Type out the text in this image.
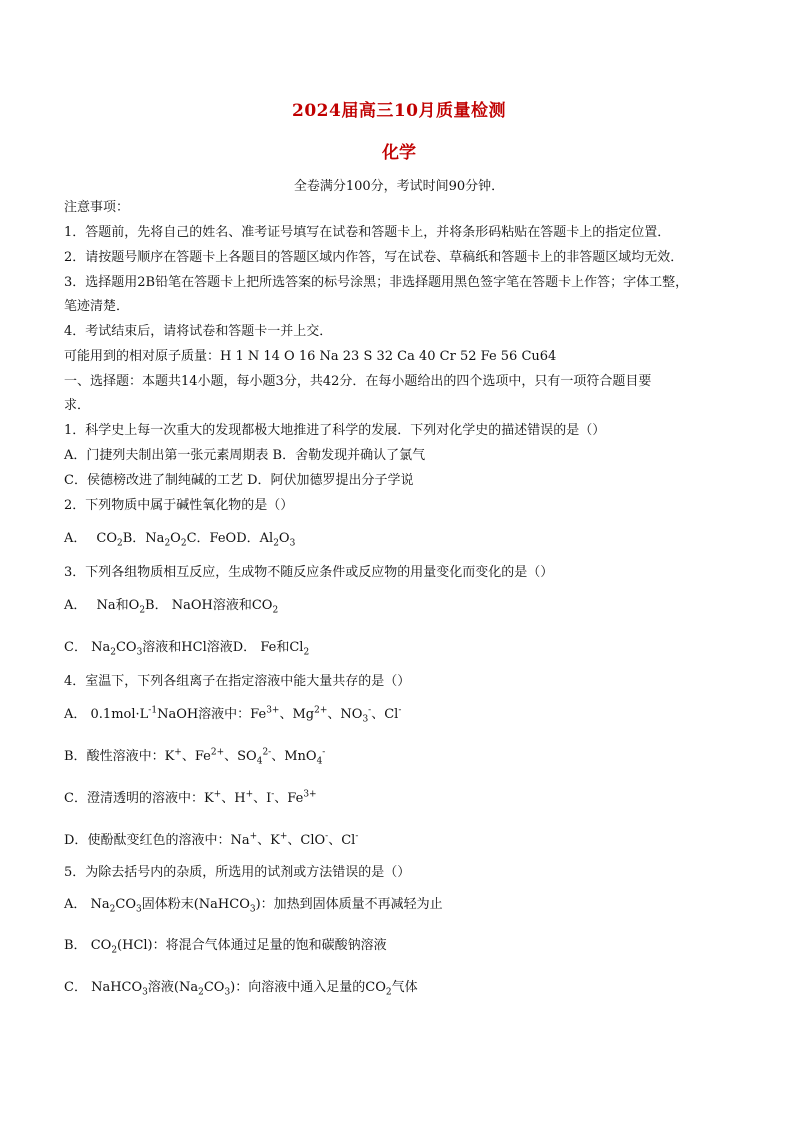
2024届高三10月质量检测
化学
全卷满分100分，考试时间90分钟．
注意事项：
1．答题前，先将自己的姓名、准考证号填写在试卷和答题卡上，并将条形码粘贴在答题卡上的指定位置．
2．请按题号顺序在答题卡上各题目的答题区域内作答，写在试卷、草稿纸和答题卡上的非答题区域均无效．
3．选择题用2B铅笔在答题卡上把所选答案的标号涂黑；非选择题用黑色签字笔在答题卡上作答；字体工整，
笔迹清楚．
4．考试结束后，请将试卷和答题卡一并上交．
可能用到的相对原子质量：H 1 N 14 O 16 Na 23 S 32 Ca 40 Cr 52 Fe 56 Cu64
一、选择题：本题共14小题，每小题3分，共42分．在每小题给出的四个选项中，只有一项符合题目要
求．
1．科学史上每一次重大的发现都极大地推进了科学的发展．下列对化学史的描述错误的是（）
A．门捷列夫制出第一张元素周期表 B．舍勒发现并确认了氯气
C．侯德榜改进了制纯碱的工艺 D．阿伏加德罗提出分子学说
2．下列物质中属于碱性氧化物的是（）
A． $CO_2B$．$Na_2O_2C$．FeOD．$Al_2O_3$
3．下列各组物质相互反应，生成物不随反应条件或反应物的用量变化而变化的是（）
A． Na和$O_2B$． NaOH溶液和$CO_2$
C． $Na_2CO_3$溶液和HCl溶液D． Fe和$Cl_2$
4．室温下，下列各组离子在指定溶液中能大量共存的是（）
A． $0.1mol\cdot L^{-1}NaOH$溶液中：$Fe^{3+}$、$Mg^{2+}$、$NO_3^-$、Cl-
B．酸性溶液中：K+、$Fe^{2+}$、$SO_4^{2-}$、MnO$_4$-
C．澄清透明的溶液中：K+、H+、I-、$Fe^{3+}$
D．使酚酞变红色的溶液中：Na+、K+、ClO-、Cl-
5．为除去括号内的杂质，所选用的试剂或方法错误的是（）
A． $Na_2CO_3$固体粉末(NaHCO$_3$)：加热到固体质量不再减轻为止
B． $CO_2(HCl)$：将混合气体通过足量的饱和碳酸钠溶液
C． NaHCO$_3$溶液$(Na_2CO_3)$：向溶液中通入足量的$CO_2$气体
